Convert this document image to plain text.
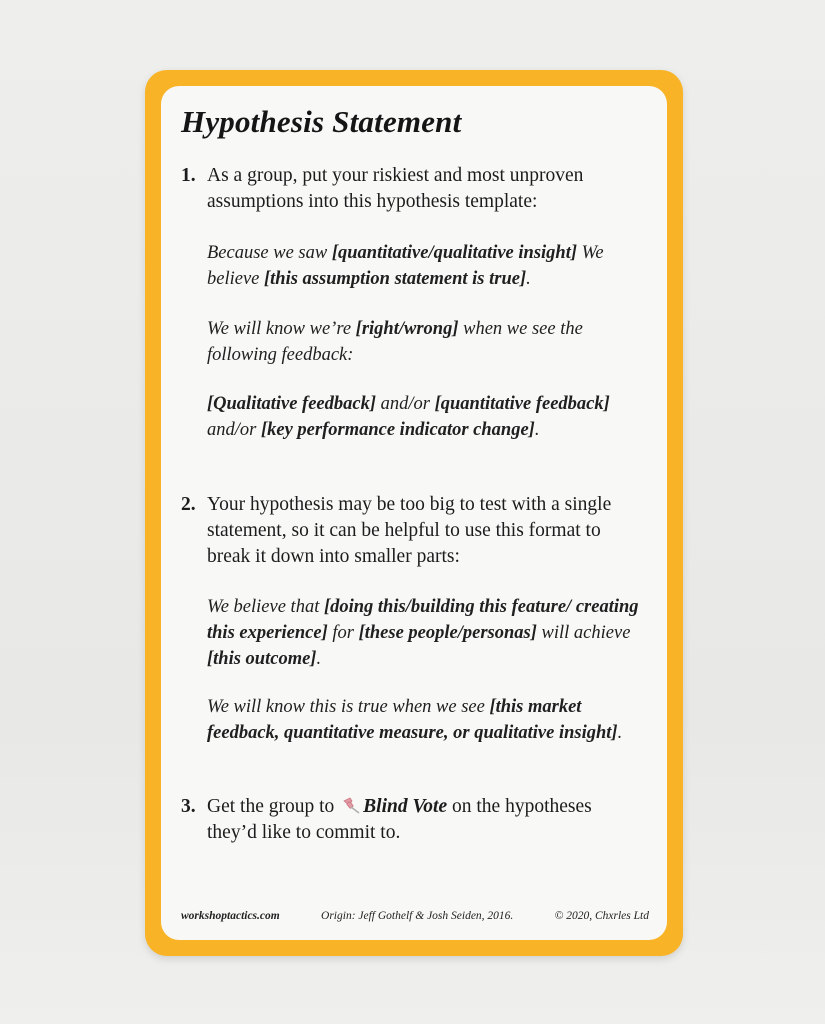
Hypothesis Statement
1. As a group, put your riskiest and most unproven assumptions into this hypothesis template:
Because we saw [quantitative/qualitative insight] We believe [this assumption statement is true].
We will know we’re [right/wrong] when we see the following feedback:
[Qualitative feedback] and/or [quantitative feedback] and/or [key performance indicator change].
2. Your hypothesis may be too big to test with a single statement, so it can be helpful to use this format to break it down into smaller parts:
We believe that [doing this/building this feature/ creating this experience] for [these people/personas] will achieve [this outcome].
We will know this is true when we see [this market feedback, quantitative measure, or qualitative insight].
3. Get the group to Blind Vote on the hypotheses they’d like to commit to.
workshoptactics.com	Origin: Jeff Gothelf & Josh Seiden, 2016.	© 2020, Chxrles Ltd
